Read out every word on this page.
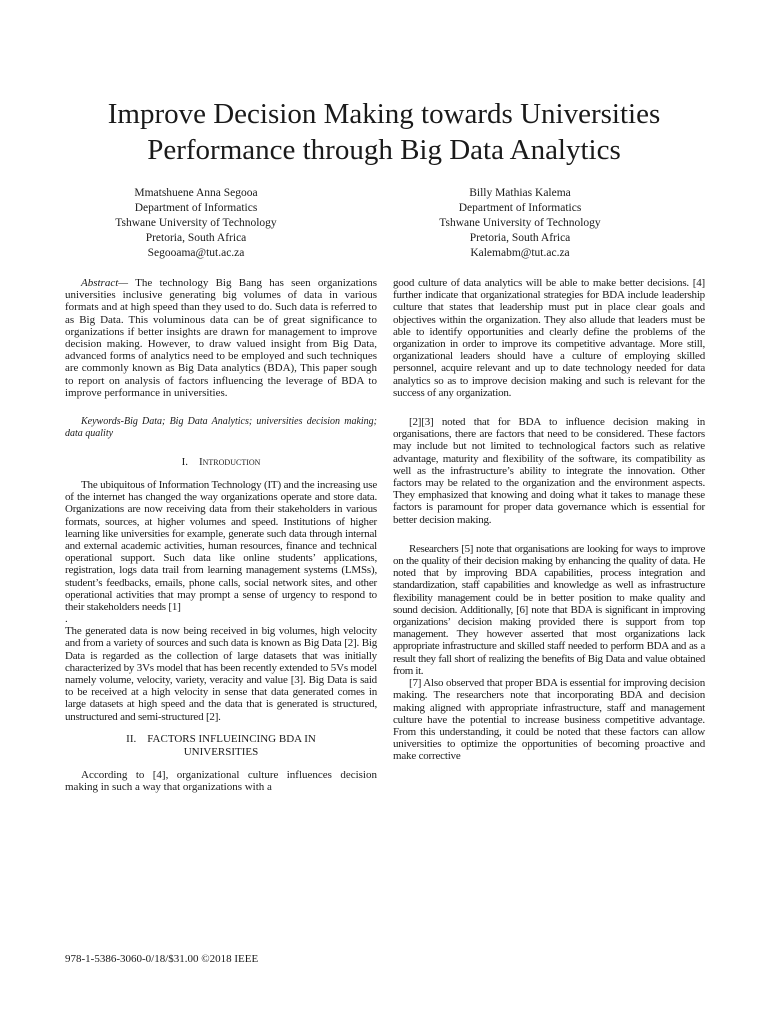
Improve Decision Making towards Universities
Performance through Big Data Analytics
Mmatshuene Anna Segooa
Department of Informatics
Tshwane University of Technology
Pretoria, South Africa
Segooama@tut.ac.za
Billy Mathias Kalema
Department of Informatics
Tshwane University of Technology
Pretoria, South Africa
Kalemabm@tut.ac.za

Abstract— The technology Big Bang has seen organizations universities inclusive generating big volumes of data in various formats and at high speed than they used to do. Such data is referred to as Big Data. This voluminous data can be of great significance to organizations if better insights are drawn for management to improve decision making. However, to draw valued insight from Big Data, advanced forms of analytics need to be employed and such techniques are commonly known as Big Data analytics (BDA), This paper sough to report on analysis of factors influencing the leverage of BDA to improve performance in universities.

Keywords-Big Data; Big Data Analytics; universities decision making; data quality

I. Introduction

The ubiquitous of Information Technology (IT) and the increasing use of the internet has changed the way organizations operate and store data. Organizations are now receiving data from their stakeholders in various formats, sources, at higher volumes and speed. Institutions of higher learning like universities for example, generate such data through internal and external academic activities, human resources, finance and technical operational support. Such data like online students’ applications, registration, logs data trail from learning management systems (LMSs), student’s feedbacks, emails, phone calls, social network sites, and other operational activities that may prompt a sense of urgency to respond to their stakeholders needs [1]

.

The generated data is now being received in big volumes, high velocity and from a variety of sources and such data is known as Big Data [2]. Big Data is regarded as the collection of large datasets that was initially characterized by 3Vs model that has been recently extended to 5Vs model namely volume, velocity, variety, veracity and value [3]. Big Data is said to be received at a high velocity in sense that data generated comes in large datasets at high speed and the data that is generated is structured, unstructured and semi-structured [2].

II. FACTORS INFLUEINCING BDA IN
UNIVERSITIES

According to [4], organizational culture influences decision making in such a way that organizations with a

good culture of data analytics will be able to make better decisions. [4] further indicate that organizational strategies for BDA include leadership culture that states that leadership must put in place clear goals and objectives within the organization. They also allude that leaders must be able to identify opportunities and clearly define the problems of the organization in order to improve its competitive advantage. More still, organizational leaders should have a culture of employing skilled personnel, acquire relevant and up to date technology needed for data analytics so as to improve decision making and such is relevant for the success of any organization.

[2][3] noted that for BDA to influence decision making in organisations, there are factors that need to be considered. These factors may include but not limited to technological factors such as relative advantage, maturity and flexibility of the software, its compatibility as well as the infrastructure’s ability to integrate the innovation. Other factors may be related to the organization and the environment aspects. They emphasized that knowing and doing what it takes to manage these factors is paramount for proper data governance which is essential for better decision making.

Researchers [5] note that organisations are looking for ways to improve on the quality of their decision making by enhancing the quality of data. He noted that by improving BDA capabilities, process integration and standardization, staff capabilities and knowledge as well as infrastructure flexibility management could be in better position to make quality and sound decision. Additionally, [6] note that BDA is significant in improving organizations’ decision making provided there is support from top management. They however asserted that most organizations lack appropriate infrastructure and skilled staff needed to perform BDA and as a result they fall short of realizing the benefits of Big Data and value obtained from it.

[7] Also observed that proper BDA is essential for improving decision making. The researchers note that incorporating BDA and decision making aligned with appropriate infrastructure, staff and management culture have the potential to increase business competitive advantage. From this understanding, it could be noted that these factors can allow universities to optimize the opportunities of becoming proactive and make corrective

978-1-5386-3060-0/18/$31.00 ©2018 IEEE
